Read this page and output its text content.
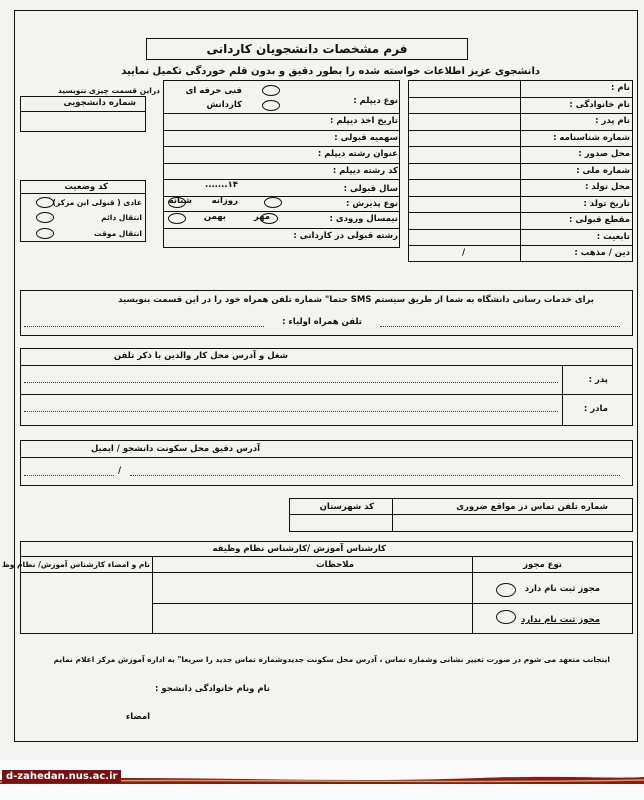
فرم مشخصات دانشجویان کاردانی
دانشجوی عزیز اطلاعات خواسته شده را بطور دقیق و بدون قلم خوردگی تکمیل نمایید
نام :
نام خانوادگی :
نام پدر :
شماره شناسنامه :
محل صدور :
شماره ملی :
محل تولد :
تاریخ تولد :
مقطع قبولی :
تابعیت :
دین / مذهب :
/
نوع دیپلم :
فنی حرفه ای
کاردانش
تاریخ اخذ دیپلم :
سهمیه قبولی :
عنوان رشته دیپلم :
کد رشته دیپلم :
سال قبولی :
۱۴.......
نوع پذیرش :
روزانه
شبانه
نیمسال ورودی :
مهر
بهمن
رشته قبولی در کاردانی :
دراین قسمت چیزی ننویسید
شماره دانشجویی
کد وضعیت
عادی ( قبولی این مرکز)
انتقال دائم
انتقال موقت
برای خدمات رسانی دانشگاه به شما از طریق سیستم SMS حتما" شماره تلفن همراه خود را در این قسمت بنویسید
تلفن همراه اولیاء :
شغل و آدرس محل کار والدین با ذکر تلفن
پدر :
مادر :
آدرس دقیق محل سکونت دانشجو / ایمیل
/
شماره تلفن تماس در مواقع ضروری
کد شهرستان
کارشناس آموزش /کارشناس نظام وظیفه
نوع مجوز
ملاحظات
نام و امضاء کارشناس آموزش/ نظام وظ
مجوز ثبت نام دارد
مجوز ثبت نام ندارد
اینجانب متعهد می شوم در صورت تغییر نشانی وشماره تماس ، آدرس محل سکونت جدیدوشماره تماس جدید را سریعا" به اداره آموزش مرکز اعلام نمایم
نام ونام خانوادگی دانشجو :
امضاء
d-zahedan.nus.ac.ir
